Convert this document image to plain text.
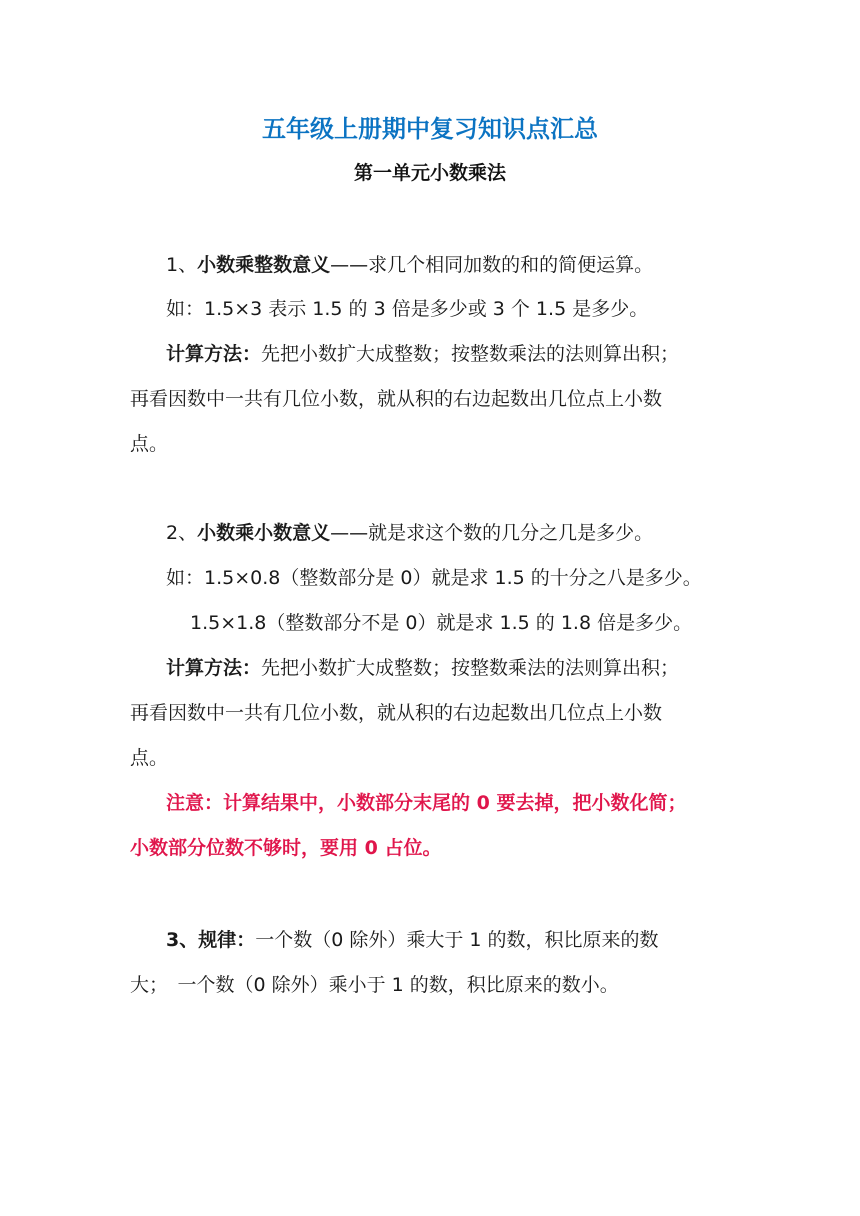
五年级上册期中复习知识点汇总
第一单元小数乘法
1、小数乘整数意义——求几个相同加数的和的简便运算。
如：1.5×3 表示 1.5 的 3 倍是多少或 3 个 1.5 是多少。
计算方法：先把小数扩大成整数；按整数乘法的法则算出积；
再看因数中一共有几位小数，就从积的右边起数出几位点上小数
点。
2、小数乘小数意义——就是求这个数的几分之几是多少。
如：1.5×0.8（整数部分是 0）就是求 1.5 的十分之八是多少。
1.5×1.8（整数部分不是 0）就是求 1.5 的 1.8 倍是多少。
计算方法：先把小数扩大成整数；按整数乘法的法则算出积；
再看因数中一共有几位小数，就从积的右边起数出几位点上小数
点。
注意：计算结果中，小数部分末尾的 0 要去掉，把小数化简；
小数部分位数不够时，要用 0 占位。
3、规律：一个数（0 除外）乘大于 1 的数，积比原来的数
大；　一个数（0 除外）乘小于 1 的数，积比原来的数小。
